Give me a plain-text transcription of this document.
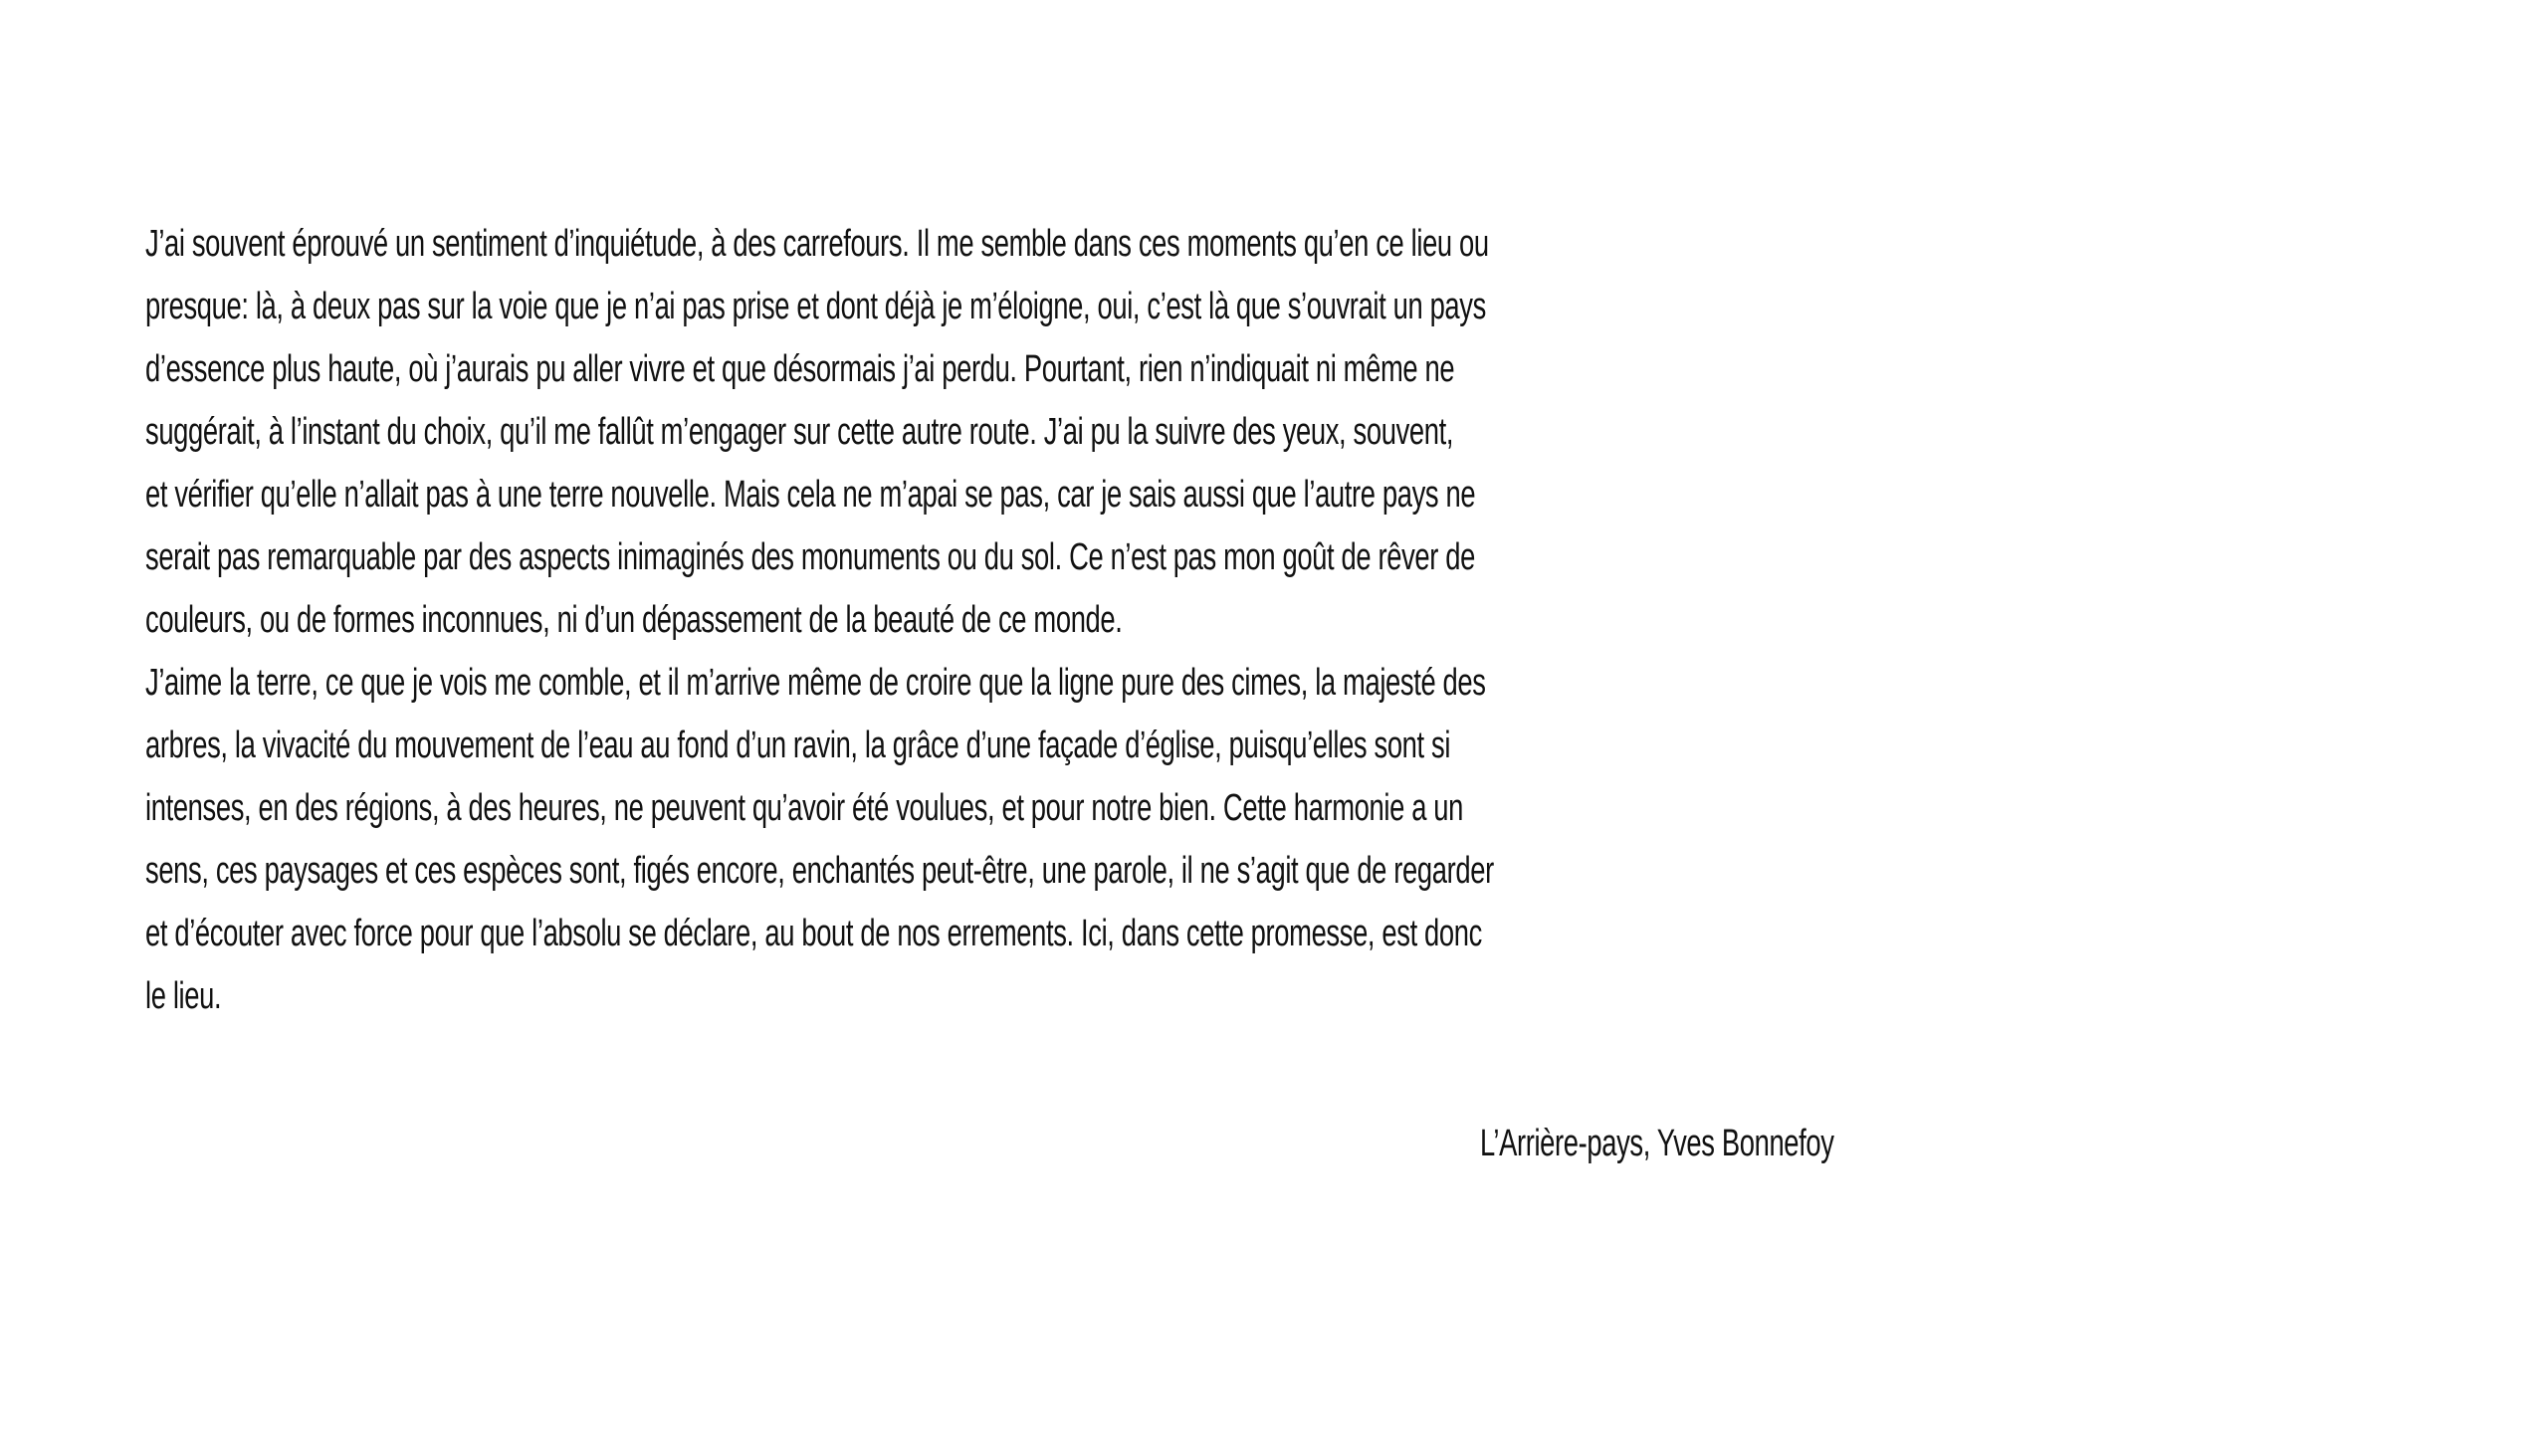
J’ai souvent éprouvé un sentiment d’inquiétude, à des carrefours. Il me semble dans ces moments qu’en ce lieu ou
presque: là, à deux pas sur la voie que je n’ai pas prise et dont déjà je m’éloigne, oui, c’est là que s’ouvrait un pays
d’essence plus haute, où j’aurais pu aller vivre et que désormais j’ai perdu. Pourtant, rien n’indiquait ni même ne
suggérait, à l’instant du choix, qu’il me fallût m’engager sur cette autre route. J’ai pu la suivre des yeux, souvent,
et vérifier qu’elle n’allait pas à une terre nouvelle. Mais cela ne m’apai se pas, car je sais aussi que l’autre pays ne
serait pas remarquable par des aspects inimaginés des monuments ou du sol. Ce n’est pas mon goût de rêver de
couleurs, ou de formes inconnues, ni d’un dépassement de la beauté de ce monde.
J’aime la terre, ce que je vois me comble, et il m’arrive même de croire que la ligne pure des cimes, la majesté des
arbres, la vivacité du mouvement de l’eau au fond d’un ravin, la grâce d’une façade d’église, puisqu’elles sont si
intenses, en des régions, à des heures, ne peuvent qu’avoir été voulues, et pour notre bien. Cette harmonie a un
sens, ces paysages et ces espèces sont, figés encore, enchantés peut-être, une parole, il ne s’agit que de regarder
et d’écouter avec force pour que l’absolu se déclare, au bout de nos errements. Ici, dans cette promesse, est donc
le lieu.
L’Arrière-pays, Yves Bonnefoy
